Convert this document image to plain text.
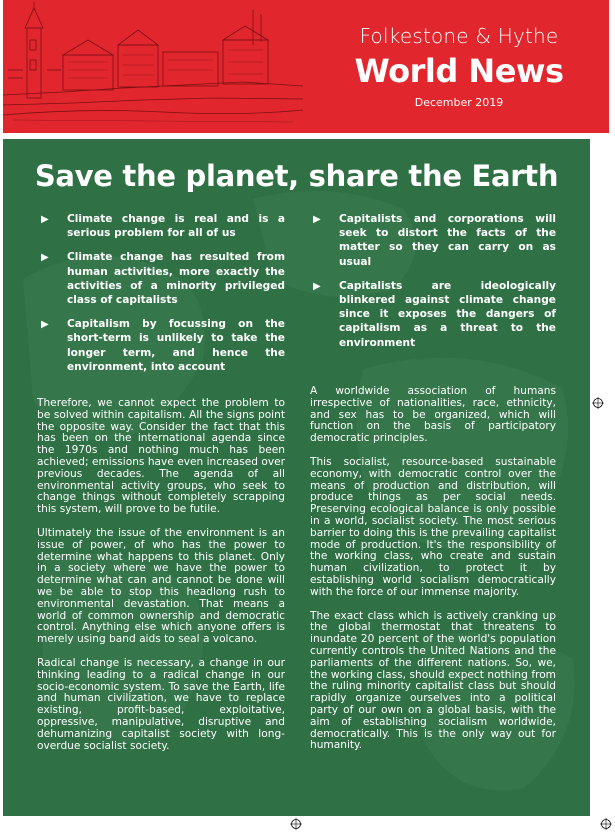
Folkestone & Hythe
World News
December 2019
Save the planet, share the Earth
▶ Climate change is real and is a serious problem for all of us
▶ Climate change has resulted from human activities, more exactly the activities of a minority privileged class of capitalists
▶ Capitalism by focussing on the short-term is unlikely to take the longer term, and hence the environment, into account
▶ Capitalists and corporations will seek to distort the facts of the matter so they can carry on as usual
▶ Capitalists are ideologically blinkered against climate change since it exposes the dangers of capitalism as a threat to the environment

Therefore, we cannot expect the problem to be solved within capitalism. All the signs point the opposite way. Consider the fact that this has been on the international agenda since the 1970s and nothing much has been achieved; emissions have even increased over previous decades. The agenda of all environmental activity groups, who seek to change things without completely scrapping this system, will prove to be futile.

Ultimately the issue of the environment is an issue of power, of who has the power to determine what happens to this planet. Only in a society where we have the power to determine what can and cannot be done will we be able to stop this headlong rush to environmental devastation. That means a world of common ownership and democratic control. Anything else which anyone offers is merely using band aids to seal a volcano.

Radical change is necessary, a change in our thinking leading to a radical change in our socio-economic system. To save the Earth, life and human civilization, we have to replace existing, profit-based, exploitative, oppressive, manipulative, disruptive and dehumanizing capitalist society with long-overdue socialist society.

A worldwide association of humans irrespective of nationalities, race, ethnicity, and sex has to be organized, which will function on the basis of participatory democratic principles.

This socialist, resource-based sustainable economy, with democratic control over the means of production and distribution, will produce things as per social needs. Preserving ecological balance is only possible in a world, socialist society. The most serious barrier to doing this is the prevailing capitalist mode of production. It's the responsibility of the working class, who create and sustain human civilization, to protect it by establishing world socialism democratically with the force of our immense majority.

The exact class which is actively cranking up the global thermostat that threatens to inundate 20 percent of the world's population currently controls the United Nations and the parliaments of the different nations. So, we, the working class, should expect nothing from the ruling minority capitalist class but should rapidly organize ourselves into a political party of our own on a global basis, with the aim of establishing socialism worldwide, democratically. This is the only way out for humanity.
